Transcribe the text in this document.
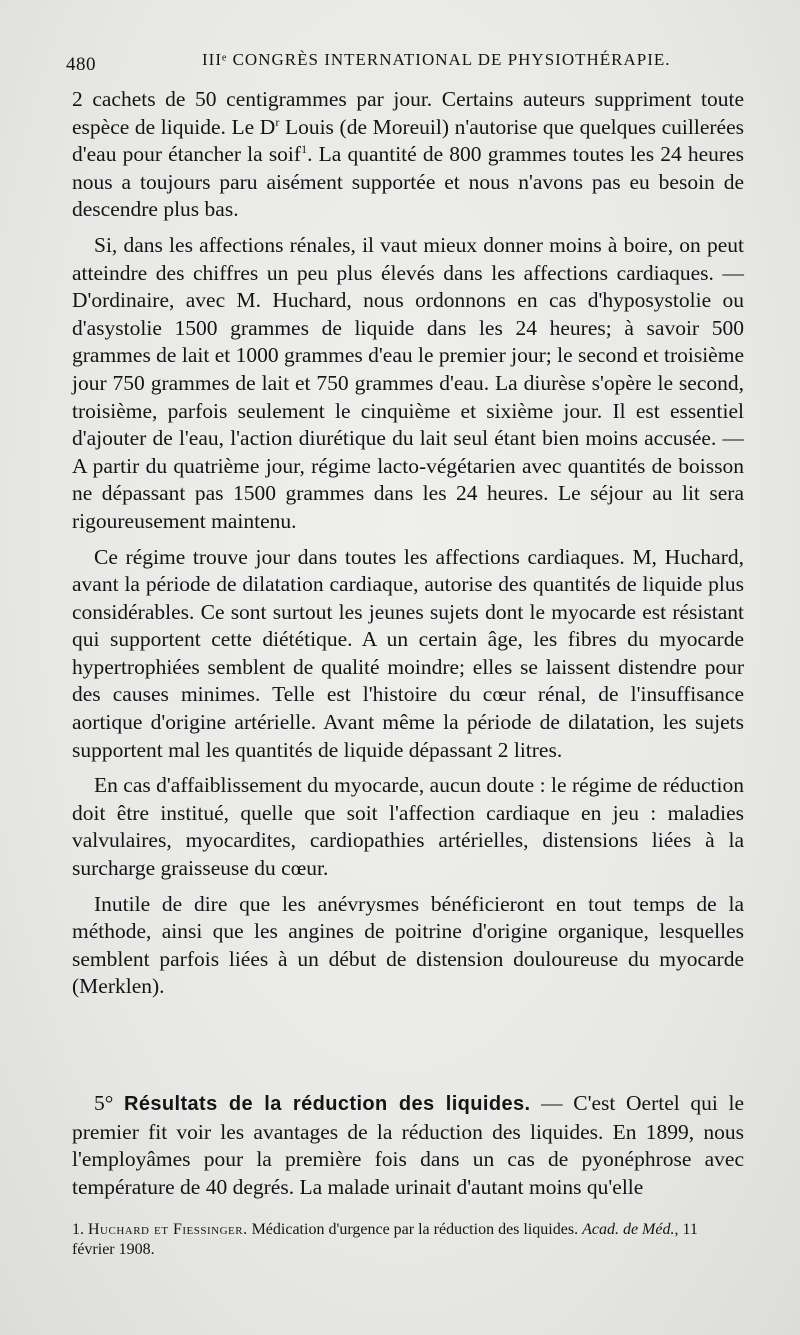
480	IIIᵉ CONGRÈS INTERNATIONAL DE PHYSIOTHÉRAPIE.

2 cachets de 50 centigrammes par jour. Certains auteurs suppriment toute espèce de liquide. Le $D^r$ Louis (de Moreuil) n'autorise que quelques cuillerées d'eau pour étancher la soif$^1$. La quantité de 800 grammes toutes les 24 heures nous a toujours paru aisément supportée et nous n'avons pas eu besoin de descendre plus bas.

Si, dans les affections rénales, il vaut mieux donner moins à boire, on peut atteindre des chiffres un peu plus élevés dans les affections cardiaques. — D'ordinaire, avec M. Huchard, nous ordonnons en cas d'hyposystolie ou d'asystolie 1500 grammes de liquide dans les 24 heures; à savoir 500 grammes de lait et 1000 grammes d'eau le premier jour; le second et troisième jour 750 grammes de lait et 750 grammes d'eau. La diurèse s'opère le second, troisième, parfois seulement le cinquième et sixième jour. Il est essentiel d'ajouter de l'eau, l'action diurétique du lait seul étant bien moins accusée. — A partir du quatrième jour, régime lacto-végétarien avec quantités de boisson ne dépassant pas 1500 grammes dans les 24 heures. Le séjour au lit sera rigoureusement maintenu.

Ce régime trouve jour dans toutes les affections cardiaques. M, Huchard, avant la période de dilatation cardiaque, autorise des quantités de liquide plus considérables. Ce sont surtout les jeunes sujets dont le myocarde est résistant qui supportent cette diététique. A un certain âge, les fibres du myocarde hypertrophiées semblent de qualité moindre; elles se laissent distendre pour des causes minimes. Telle est l'histoire du cœur rénal, de l'insuffisance aortique d'origine artérielle. Avant même la période de dilatation, les sujets supportent mal les quantités de liquide dépassant 2 litres.

En cas d'affaiblissement du myocarde, aucun doute : le régime de réduction doit être institué, quelle que soit l'affection cardiaque en jeu : maladies valvulaires, myocardites, cardiopathies artérielles, distensions liées à la surcharge graisseuse du cœur.

Inutile de dire que les anévrysmes bénéficieront en tout temps de la méthode, ainsi que les angines de poitrine d'origine organique, lesquelles semblent parfois liées à un début de distension douloureuse du myocarde (Merklen).

5° Résultats de la réduction des liquides. — C'est Oertel qui le premier fit voir les avantages de la réduction des liquides. En 1899, nous l'employâmes pour la première fois dans un cas de pyonéphrose avec température de 40 degrés. La malade urinait d'autant moins qu'elle

1. Huchard et Fiessinger. Médication d'urgence par la réduction des liquides. Acad. de Méd., 11 février 1908.
